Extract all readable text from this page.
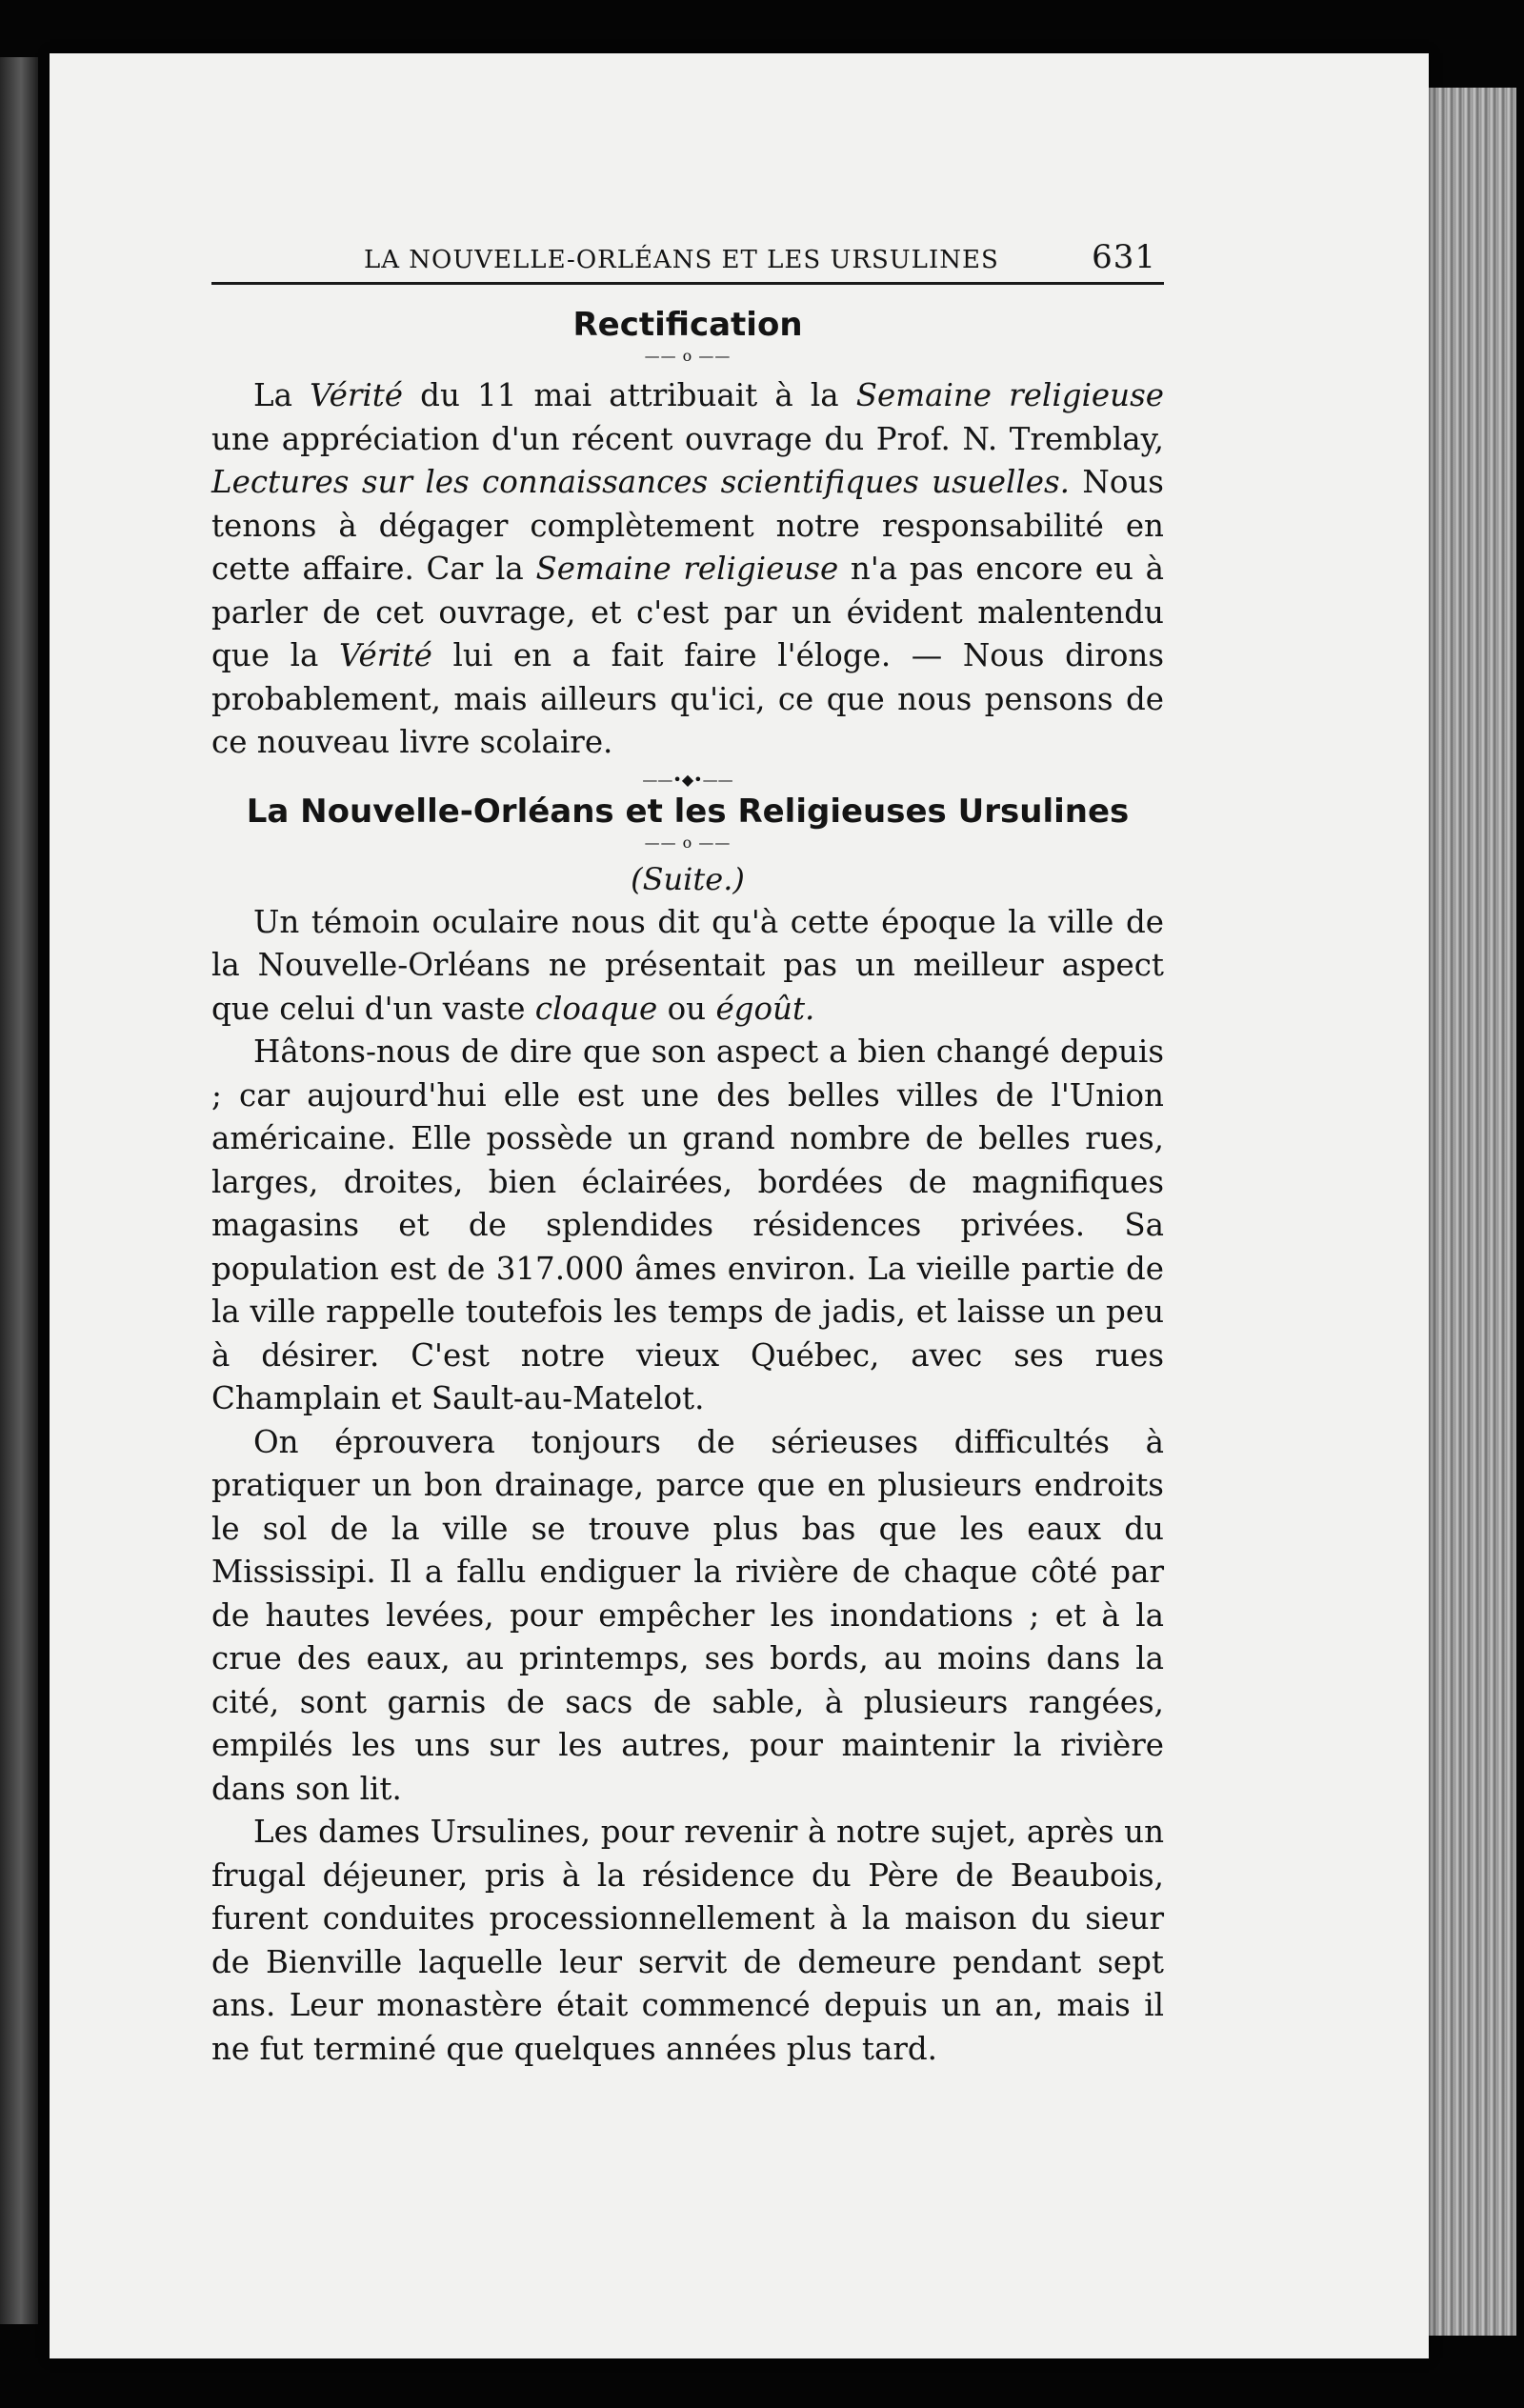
LA NOUVELLE-ORLÉANS ET LES URSULINES	631
Rectification
—— o ——

La Vérité du 11 mai attribuait à la Semaine religieuse une appréciation d'un récent ouvrage du Prof. N. Tremblay, Lectures sur les connaissances scientifiques usuelles. Nous tenons à dégager complètement notre responsabilité en cette affaire. Car la Semaine religieuse n'a pas encore eu à parler de cet ouvrage, et c'est par un évident malentendu que la Vérité lui en a fait faire l'éloge. — Nous dirons probablement, mais ailleurs qu'ici, ce que nous pensons de ce nouveau livre scolaire.

——•◆•——
La Nouvelle-Orléans et les Religieuses Ursulines
—— o ——
(Suite.)

Un témoin oculaire nous dit qu'à cette époque la ville de la Nouvelle-Orléans ne présentait pas un meilleur aspect que celui d'un vaste cloaque ou égoût.

Hâtons-nous de dire que son aspect a bien changé depuis ; car aujourd'hui elle est une des belles villes de l'Union américaine. Elle possède un grand nombre de belles rues, larges, droites, bien éclairées, bordées de magnifiques magasins et de splendides résidences privées. Sa population est de 317.000 âmes environ. La vieille partie de la ville rappelle toutefois les temps de jadis, et laisse un peu à désirer. C'est notre vieux Québec, avec ses rues Champlain et Sault-au-Matelot.

On éprouvera tonjours de sérieuses difficultés à pratiquer un bon drainage, parce que en plusieurs endroits le sol de la ville se trouve plus bas que les eaux du Mississipi. Il a fallu endiguer la rivière de chaque côté par de hautes levées, pour empêcher les inondations ; et à la crue des eaux, au printemps, ses bords, au moins dans la cité, sont garnis de sacs de sable, à plusieurs rangées, empilés les uns sur les autres, pour maintenir la rivière dans son lit.

Les dames Ursulines, pour revenir à notre sujet, après un frugal déjeuner, pris à la résidence du Père de Beaubois, furent conduites processionnellement à la maison du sieur de Bienville laquelle leur servit de demeure pendant sept ans. Leur monastère était commencé depuis un an, mais il ne fut terminé que quelques années plus tard.
